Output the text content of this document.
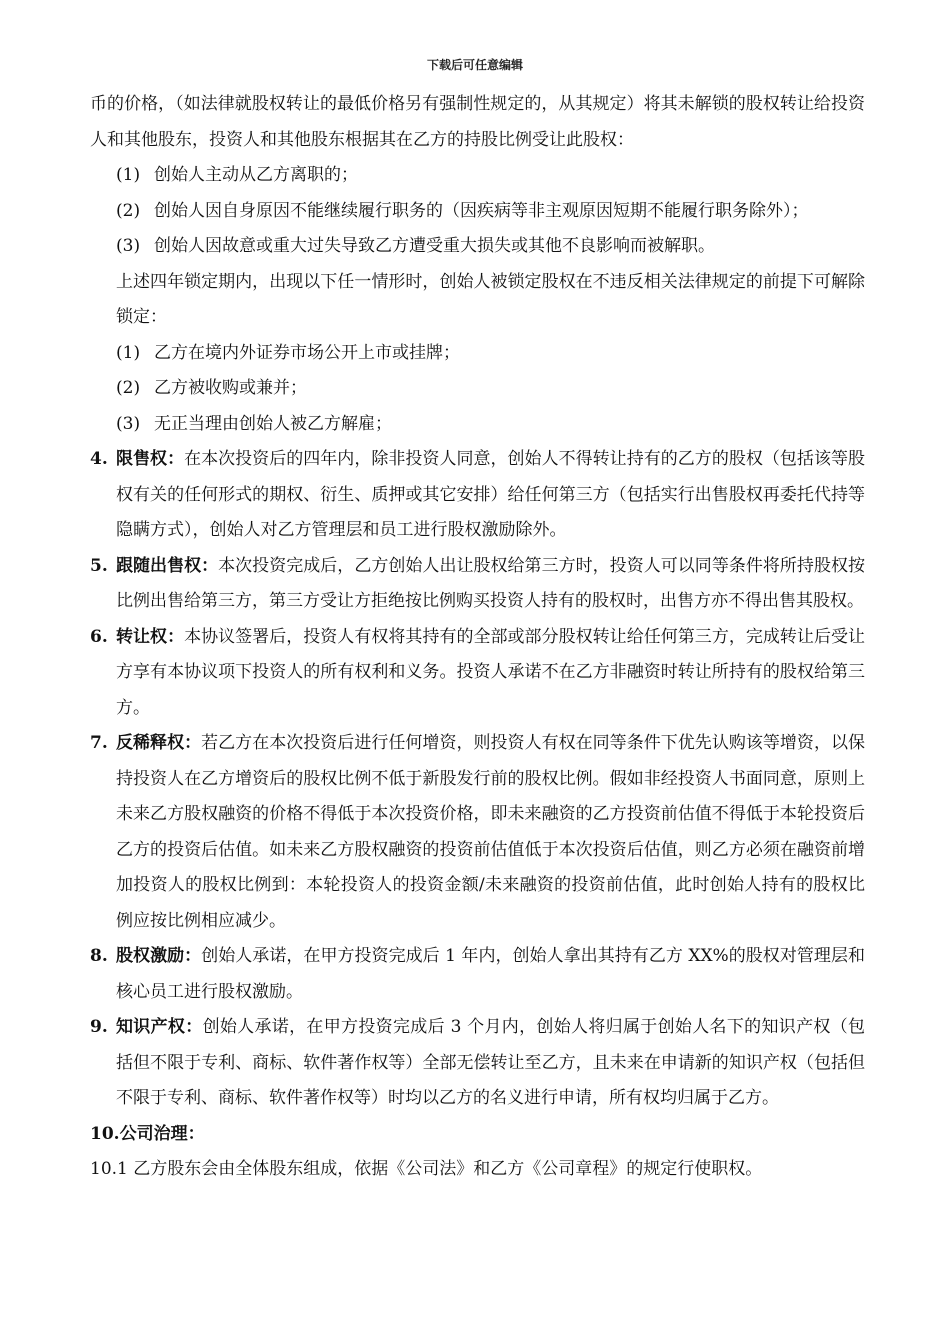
下载后可任意编辑

币的价格，（如法律就股权转让的最低价格另有强制性规定的，从其规定）将其未解锁的股权转让给投资人和其他股东，投资人和其他股东根据其在乙方的持股比例受让此股权：

(1) 创始人主动从乙方离职的；

(2) 创始人因自身原因不能继续履行职务的（因疾病等非主观原因短期不能履行职务除外）；

(3) 创始人因故意或重大过失导致乙方遭受重大损失或其他不良影响而被解职。

上述四年锁定期内，出现以下任一情形时，创始人被锁定股权在不违反相关法律规定的前提下可解除锁定：

(1) 乙方在境内外证券市场公开上市或挂牌；

(2) 乙方被收购或兼并；

(3) 无正当理由创始人被乙方解雇；

4. 限售权：在本次投资后的四年内，除非投资人同意，创始人不得转让持有的乙方的股权（包括该等股权有关的任何形式的期权、衍生、质押或其它安排）给任何第三方（包括实行出售股权再委托代持等隐瞒方式），创始人对乙方管理层和员工进行股权激励除外。

5. 跟随出售权：本次投资完成后，乙方创始人出让股权给第三方时，投资人可以同等条件将所持股权按比例出售给第三方，第三方受让方拒绝按比例购买投资人持有的股权时，出售方亦不得出售其股权。

6. 转让权：本协议签署后，投资人有权将其持有的全部或部分股权转让给任何第三方，完成转让后受让方享有本协议项下投资人的所有权利和义务。投资人承诺不在乙方非融资时转让所持有的股权给第三方。

7. 反稀释权：若乙方在本次投资后进行任何增资，则投资人有权在同等条件下优先认购该等增资，以保持投资人在乙方增资后的股权比例不低于新股发行前的股权比例。假如非经投资人书面同意，原则上未来乙方股权融资的价格不得低于本次投资价格，即未来融资的乙方投资前估值不得低于本轮投资后乙方的投资后估值。如未来乙方股权融资的投资前估值低于本次投资后估值，则乙方必须在融资前增加投资人的股权比例到：本轮投资人的投资金额/未来融资的投资前估值，此时创始人持有的股权比例应按比例相应减少。

8. 股权激励：创始人承诺，在甲方投资完成后 1 年内，创始人拿出其持有乙方 XX%的股权对管理层和核心员工进行股权激励。

9. 知识产权：创始人承诺，在甲方投资完成后 3 个月内，创始人将归属于创始人名下的知识产权（包括但不限于专利、商标、软件著作权等）全部无偿转让至乙方，且未来在申请新的知识产权（包括但不限于专利、商标、软件著作权等）时均以乙方的名义进行申请，所有权均归属于乙方。

10.公司治理：

10.1 乙方股东会由全体股东组成，依据《公司法》和乙方《公司章程》的规定行使职权。
